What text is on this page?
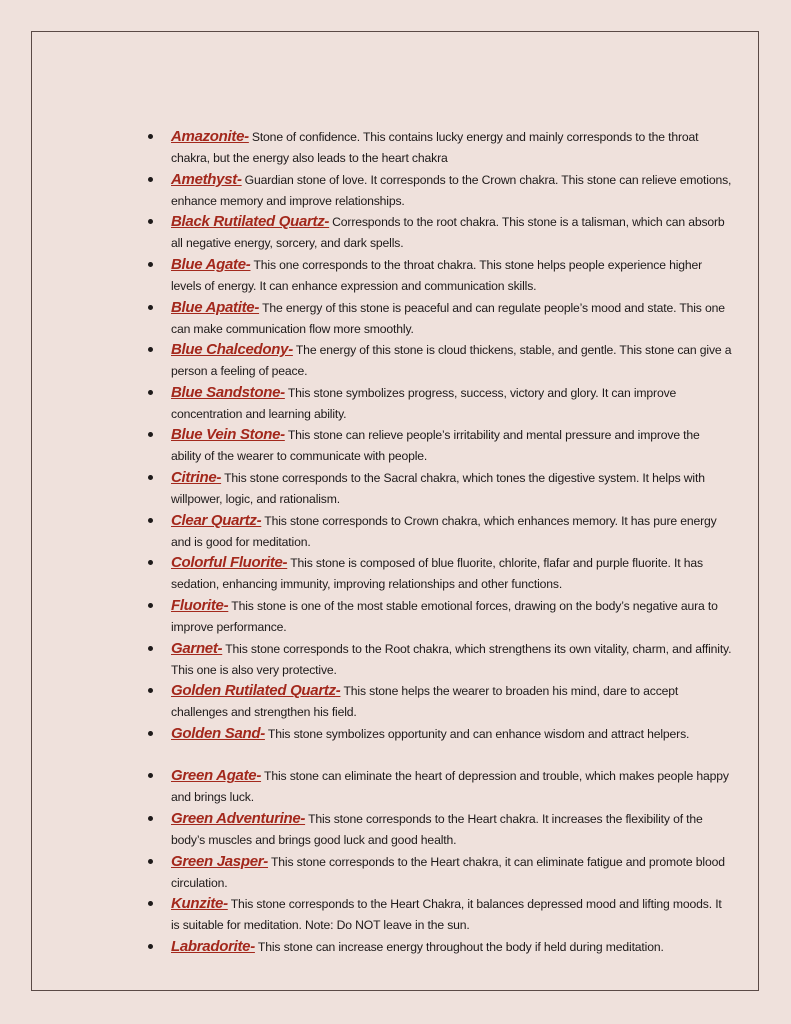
Amazonite- Stone of confidence. This contains lucky energy and mainly corresponds to the throat chakra, but the energy also leads to the heart chakra
Amethyst- Guardian stone of love. It corresponds to the Crown chakra. This stone can relieve emotions, enhance memory and improve relationships.
Black Rutilated Quartz- Corresponds to the root chakra. This stone is a talisman, which can absorb all negative energy, sorcery, and dark spells.
Blue Agate- This one corresponds to the throat chakra. This stone helps people experience higher levels of energy. It can enhance expression and communication skills.
Blue Apatite- The energy of this stone is peaceful and can regulate people’s mood and state. This one can make communication flow more smoothly.
Blue Chalcedony- The energy of this stone is cloud thickens, stable, and gentle. This stone can give a person a feeling of peace.
Blue Sandstone- This stone symbolizes progress, success, victory and glory. It can improve concentration and learning ability.
Blue Vein Stone- This stone can relieve people’s irritability and mental pressure and improve the ability of the wearer to communicate with people.
Citrine- This stone corresponds to the Sacral chakra, which tones the digestive system. It helps with willpower, logic, and rationalism.
Clear Quartz- This stone corresponds to Crown chakra, which enhances memory. It has pure energy and is good for meditation.
Colorful Fluorite- This stone is composed of blue fluorite, chlorite, flafar and purple fluorite. It has sedation, enhancing immunity, improving relationships and other functions.
Fluorite- This stone is one of the most stable emotional forces, drawing on the body’s negative aura to improve performance.
Garnet- This stone corresponds to the Root chakra, which strengthens its own vitality, charm, and affinity. This one is also very protective.
Golden Rutilated Quartz- This stone helps the wearer to broaden his mind, dare to accept challenges and strengthen his field.
Golden Sand- This stone symbolizes opportunity and can enhance wisdom and attract helpers.
Green Agate- This stone can eliminate the heart of depression and trouble, which makes people happy and brings luck.
Green Adventurine- This stone corresponds to the Heart chakra. It increases the flexibility of the body’s muscles and brings good luck and good health.
Green Jasper- This stone corresponds to the Heart chakra, it can eliminate fatigue and promote blood circulation.
Kunzite- This stone corresponds to the Heart Chakra, it balances depressed mood and lifting moods. It is suitable for meditation. Note: Do NOT leave in the sun.
Labradorite- This stone can increase energy throughout the body if held during meditation.
